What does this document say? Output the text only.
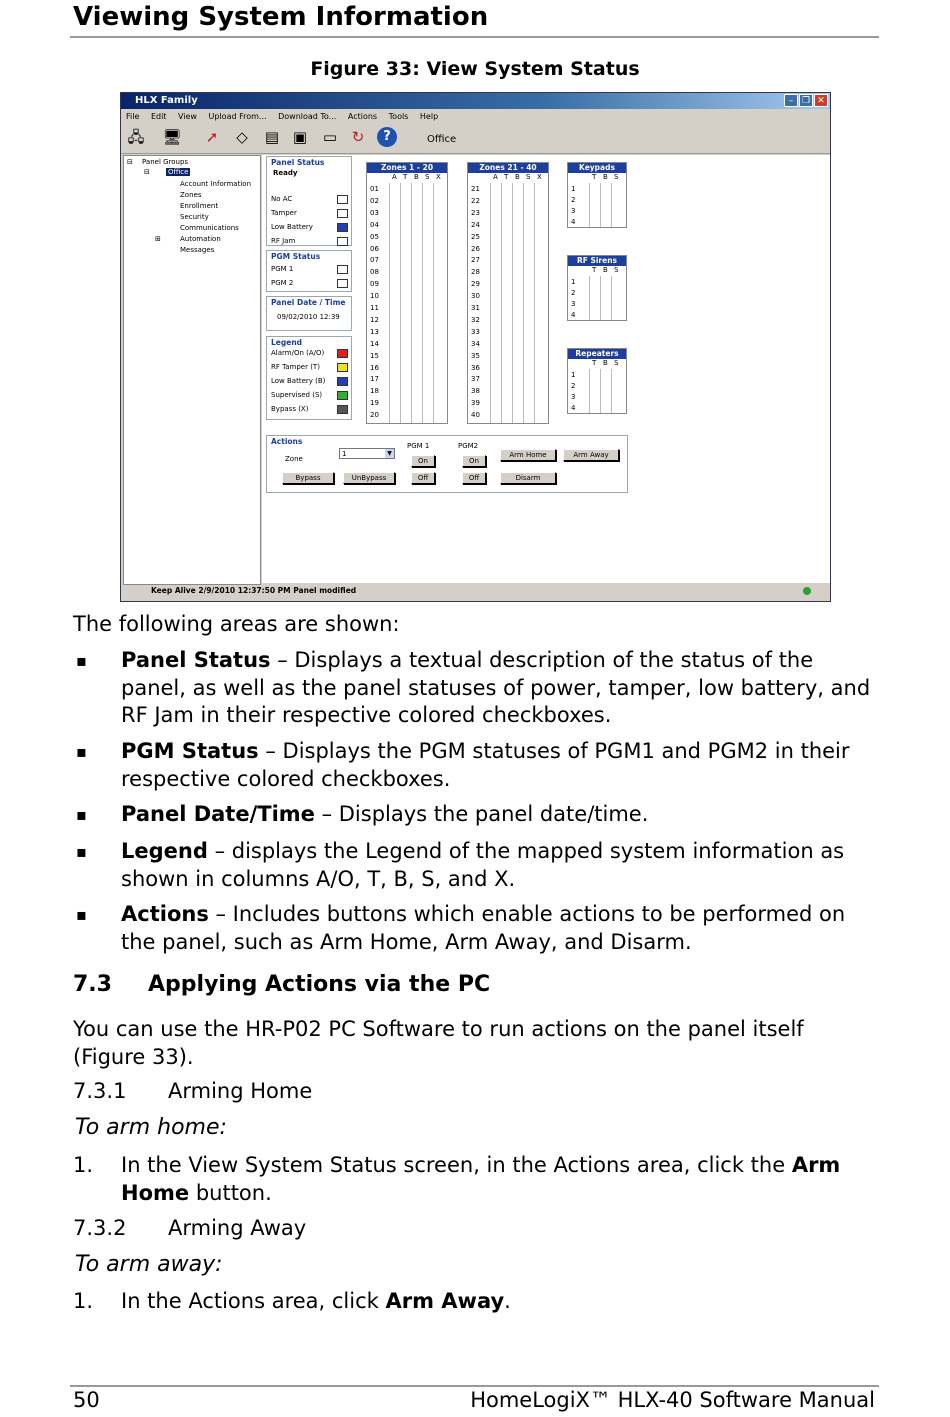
Viewing System Information
Figure 33: View System Status
HLX Family	– ❐ ✕
File Edit View Upload From... Download To... Actions Tools Help
🖧 🖥	➚	◇	▤ ▣ ▭ ↻	?	Office
⊟ Panel Groups
⊟	Office
Account Information
Zones
Enrollment
Security
Communications
⊞	Automation
Messages
Panel Status
Ready
No AC
Tamper
Low Battery
RF Jam
PGM Status
PGM 1
PGM 2
Panel Date / Time
09/02/2010 12:39
Legend
Alarm/On (A/O)
RF Tamper (T)
Low Battery (B)
Supervised (S)
Bypass (X)
Zones 1 - 20
A T B S X
01
02
03
04
05
06
07
08
09
10
11
12
13
14
15
16
17
18
19
20
Zones 21 - 40
A T B S X
21
22
23
24
25
26
27
28
29
30
31
32
33
34
35
36
37
38
39
40
Keypads
T B S
1
2
3
4
RF Sirens
T B S
1
2
3
4
Repeaters
T B S
1
2
3
4
Actions
Zone
1	▼
Bypass	UnBypass
PGM 1
On
Off
PGM2
On
Off
Arm Home	Arm Away
Disarm
Keep Alive 2/9/2010 12:37:50 PM Panel modified
The following areas are shown:
▪ Panel Status – Displays a textual description of the status of the panel, as well as the panel statuses of power, tamper, low battery, and RF Jam in their respective colored checkboxes.
▪ PGM Status – Displays the PGM statuses of PGM1 and PGM2 in their respective colored checkboxes.
▪ Panel Date/Time – Displays the panel date/time.
▪ Legend – displays the Legend of the mapped system information as shown in columns A/O, T, B, S, and X.
▪ Actions – Includes buttons which enable actions to be performed on the panel, such as Arm Home, Arm Away, and Disarm.
7.3 Applying Actions via the PC
You can use the HR-P02 PC Software to run actions on the panel itself (Figure 33).
7.3.1 Arming Home
To arm home:
1. In the View System Status screen, in the Actions area, click the Arm Home button.
7.3.2 Arming Away
To arm away:
1. In the Actions area, click Arm Away.
50	HomeLogiX™ HLX-40 Software Manual
